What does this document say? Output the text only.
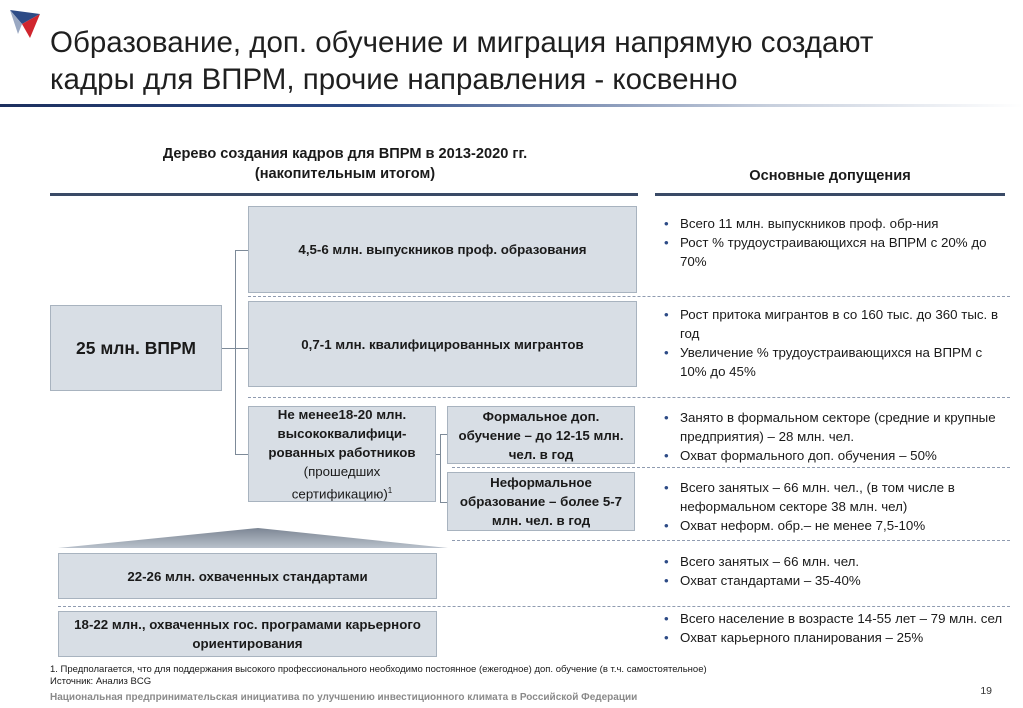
Образование, доп. обучение и миграция напрямую создают
кадры для ВПРМ, прочие направления - косвенно
Дерево создания кадров для ВПРМ в 2013-2020 гг.
(накопительным итогом)	Основные допущения
25 млн. ВПРМ
4,5-6 млн. выпускников проф. образования
0,7-1 млн. квалифицированных мигрантов
Не менее18-20 млн. высококвалифици-рованных работников
(прошедших сертификацию)$^1$
Формальное доп. обучение – до 12-15 млн. чел. в год
Неформальное образование – более 5-7 млн. чел. в год
22-26 млн. охваченных стандартами
18-22 млн., охваченных гос. програмами карьерного ориентирования
• Всего 11 млн. выпускников проф. обр-ния
• Рост % трудоустраивающихся на ВПРМ с 20% до 70%
• Рост притока мигрантов в со 160 тыс. до 360 тыс. в год
• Увеличение % трудоустраивающихся на ВПРМ с 10% до 45%
• Занято в формальном секторе (средние и крупные предприятия) – 28 млн. чел.
• Охват формального доп. обучения – 50%
• Всего занятых – 66 млн. чел., (в том числе в неформальном секторе 38 млн. чел)
• Охват неформ. обр.– не менее 7,5-10%
• Всего занятых – 66 млн. чел.
• Охват стандартами – 35-40%
• Всего население в возрасте 14-55 лет – 79 млн. сел
• Охват карьерного планирования – 25%
1. Предполагается, что для поддержания высокого профессионального необходимо постоянное (ежегодное) доп. обучение (в т.ч. самостоятельное)
Источник: Анализ BCG
Национальная предпринимательская инициатива по улучшению инвестиционного климата в Российской Федерации
19
